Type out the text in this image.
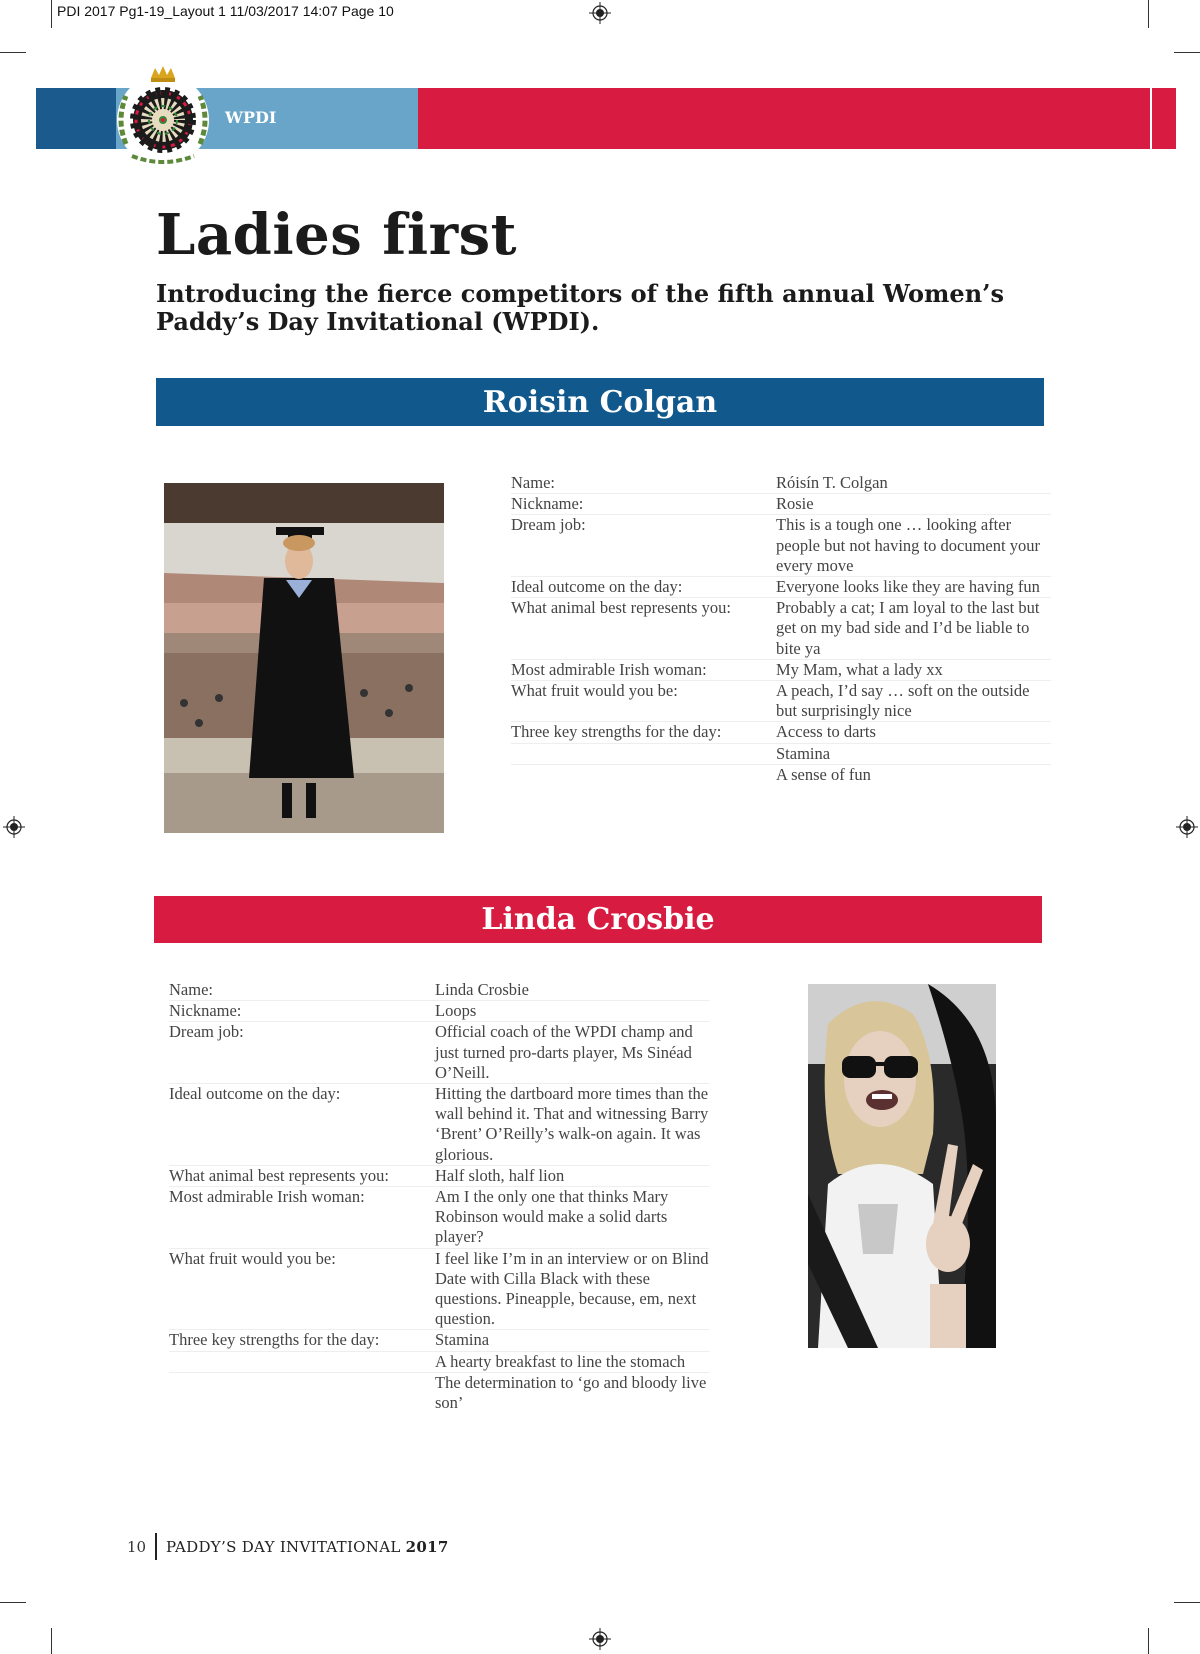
PDI 2017 Pg1-19_Layout 1 11/03/2017 14:07 Page 10
WPDI
Ladies first

Introducing the fierce competitors of the fifth annual Women’s Paddy’s Day Invitational (WPDI).

Roisin Colgan
Name:	Róisín T. Colgan
Nickname:	Rosie
Dream job:	This is a tough one … looking after people but not having to document your every move
Ideal outcome on the day:	Everyone looks like they are having fun
What animal best represents you:	Probably a cat; I am loyal to the last but get on my bad side and I’d be liable to bite ya
Most admirable Irish woman:	My Mam, what a lady xx
What fruit would you be:	A peach, I’d say … soft on the outside but surprisingly nice
Three key strengths for the day:	Access to darts
Stamina
A sense of fun
Linda Crosbie
Name:	Linda Crosbie
Nickname:	Loops
Dream job:	Official coach of the WPDI champ and just turned pro-darts player, Ms Sinéad O’Neill.
Ideal outcome on the day:	Hitting the dartboard more times than the wall behind it. That and witnessing Barry ‘Brent’ O’Reilly’s walk-on again. It was glorious.
What animal best represents you:	Half sloth, half lion
Most admirable Irish woman:	Am I the only one that thinks Mary Robinson would make a solid darts player?
What fruit would you be:	I feel like I’m in an interview or on Blind Date with Cilla Black with these questions. Pineapple, because, em, next question.
Three key strengths for the day:	Stamina
A hearty breakfast to line the stomach
The determination to ‘go and bloody live son’
10 PADDY’S DAY INVITATIONAL 2017
